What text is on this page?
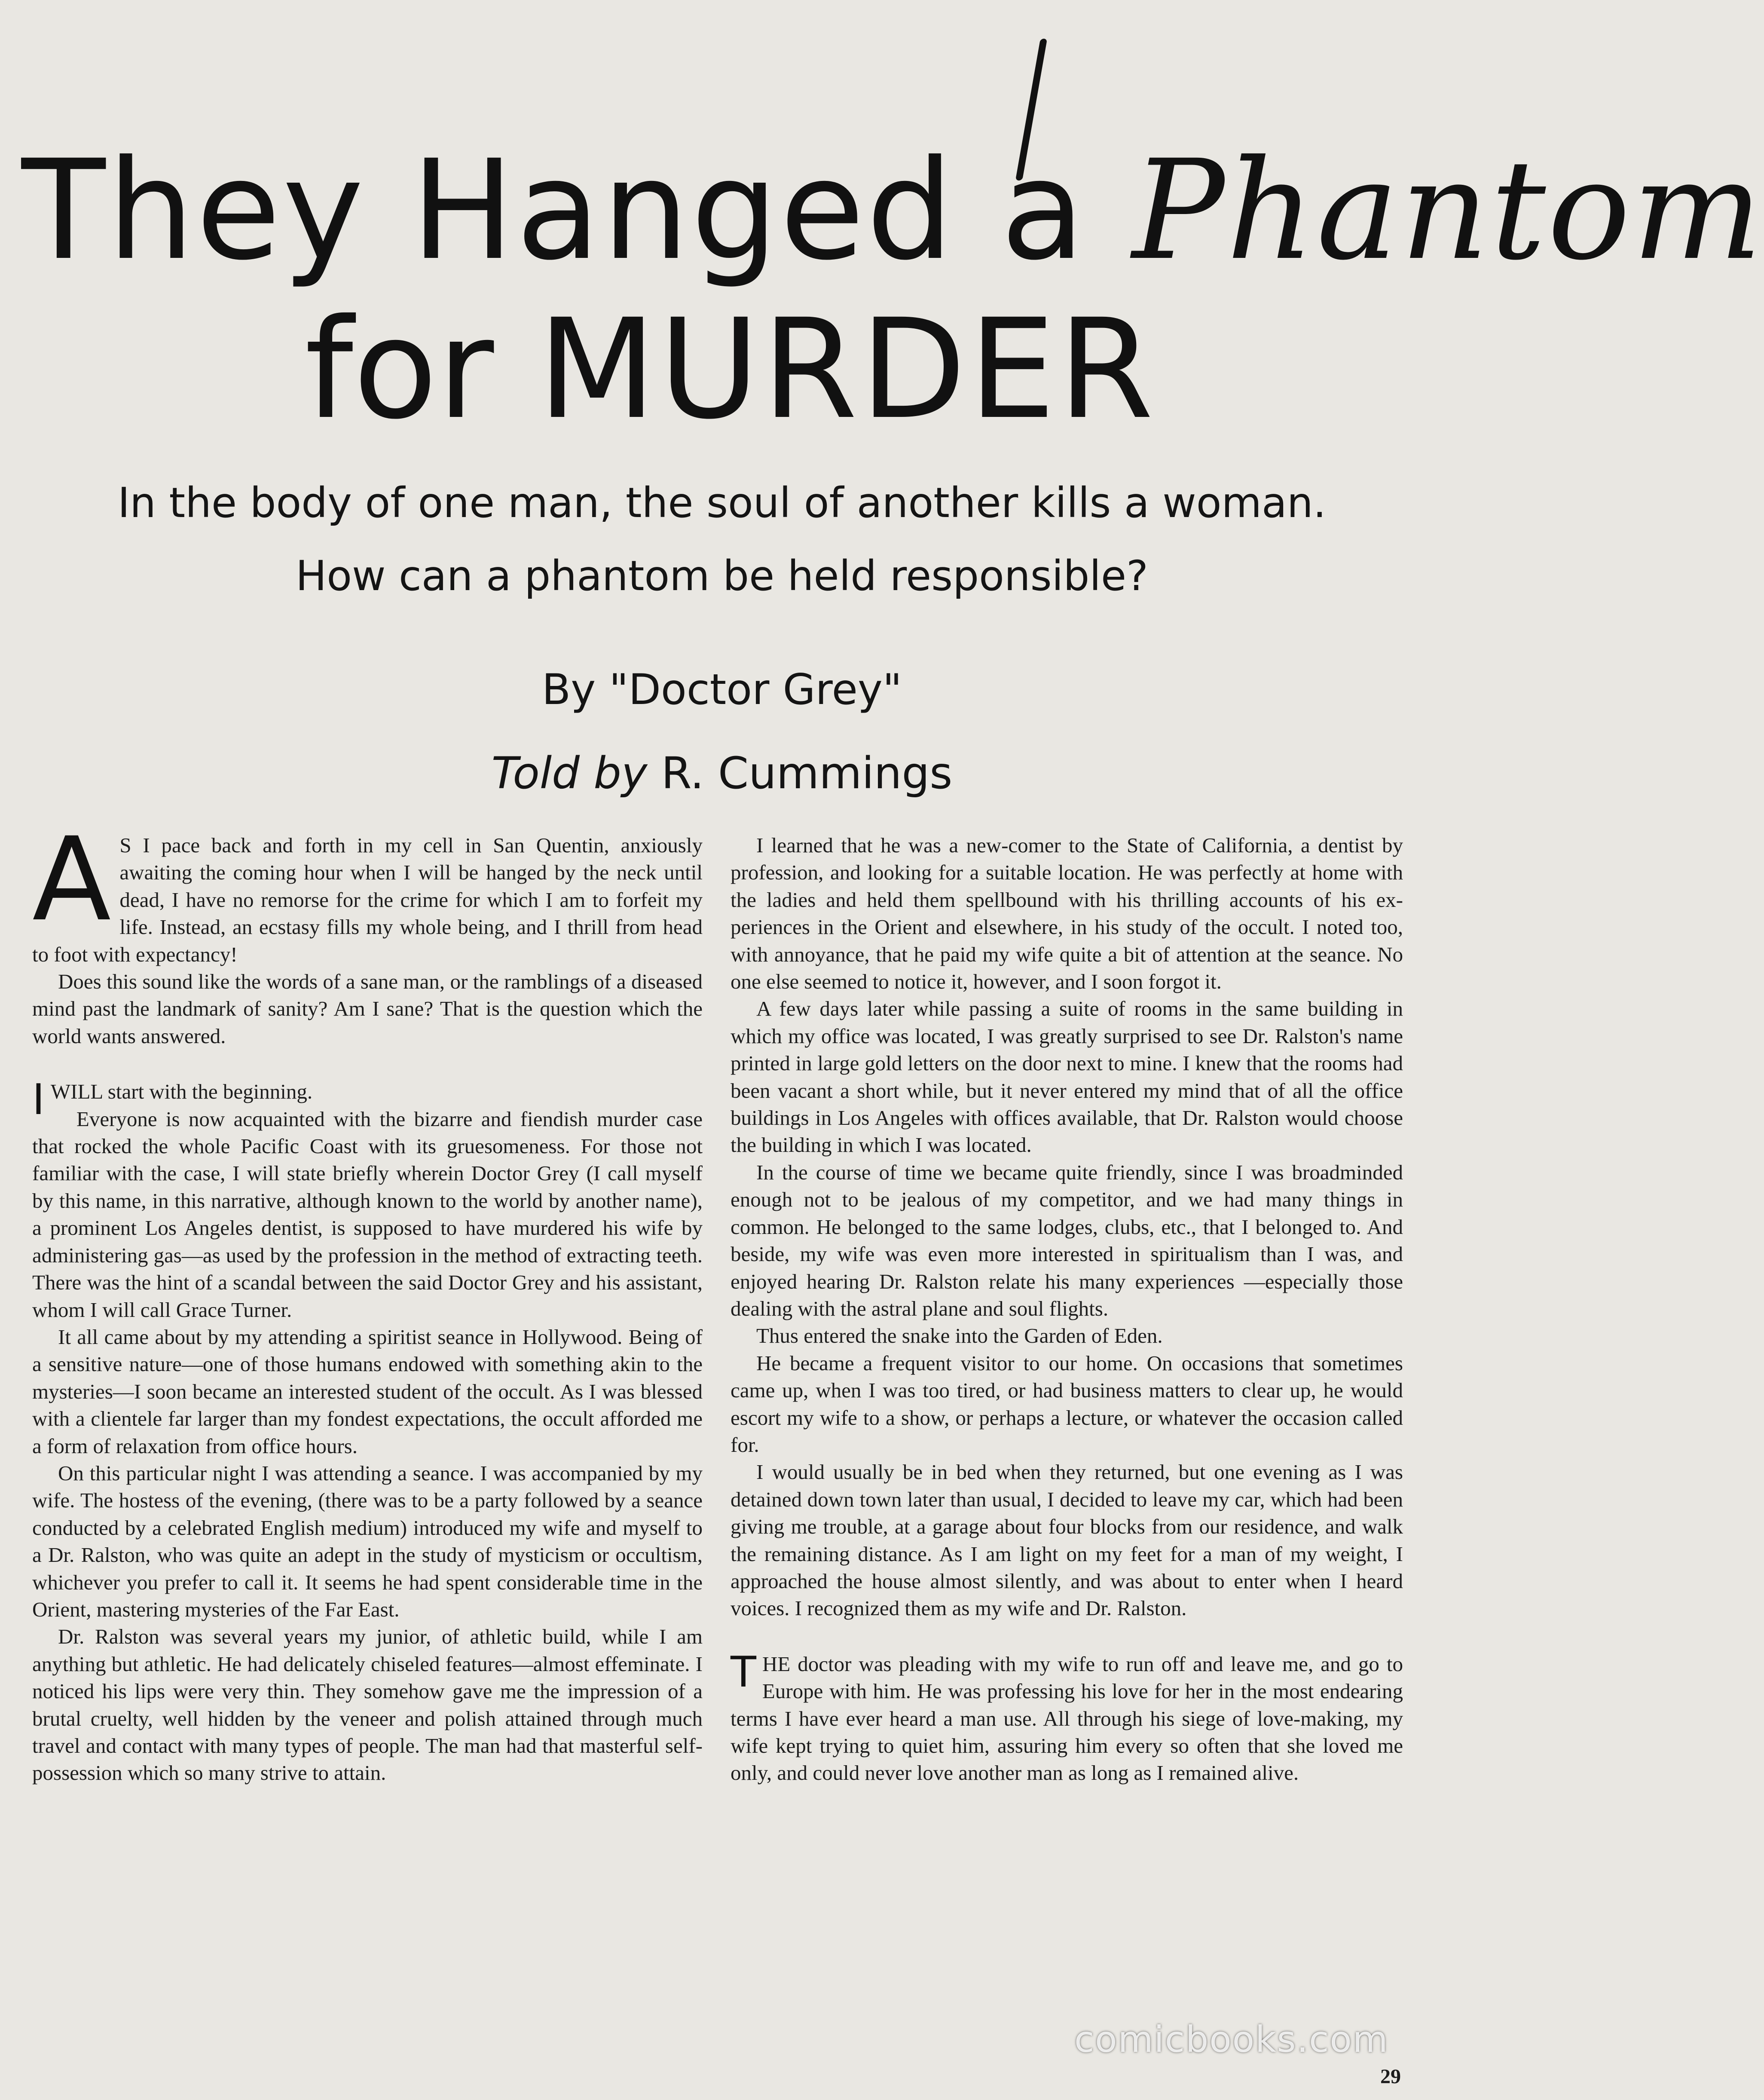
They Hanged a Phantom
for MURDER
In the body of one man, the soul of another kills a woman.
How can a phantom be held responsible?
By "Doctor Grey"
Told by R. Cummings

A S I pace back and forth in my cell in San Quentin, anxiously awaiting the coming hour when I will be hanged by the neck until dead, I have no remorse for the crime for which I am to forfeit my life. Instead, an ecstasy fills my whole being, and I thrill from head to foot with expectancy!

Does this sound like the words of a sane man, or the ramblings of a diseased mind past the landmark of sanity? Am I sane? That is the question which the world wants answered.

IWILL start with the beginning.

Everyone is now acquainted with the bizarre and fiendish murder case that rocked the whole Pacific Coast with its gruesomeness. For those not familiar with the case, I will state briefly wherein Doctor Grey (I call myself by this name, in this narrative, although known to the world by another name), a prominent Los Angeles dentist, is supposed to have murdered his wife by administering gas—as used by the profession in the method of extracting teeth. There was the hint of a scandal between the said Doctor Grey and his assistant, whom I will call Grace Turner.

It all came about by my attending a spiritist seance in Hollywood. Being of a sensitive nature—one of those humans endowed with something akin to the mysteries—I soon became an interested student of the occult. As I was blessed with a clientele far larger than my fondest expectations, the occult afforded me a form of relaxation from office hours.

On this particular night I was attending a seance. I was accompanied by my wife. The hostess of the evening, (there was to be a party followed by a seance conducted by a celebrated English medium) introduced my wife and myself to a Dr. Ralston, who was quite an adept in the study of mysticism or occultism, whichever you prefer to call it. It seems he had spent considerable time in the Orient, mastering mysteries of the Far East.

Dr. Ralston was several years my junior, of athletic build, while I am anything but athletic. He had delicately chiseled features—almost effeminate. I noticed his lips were very thin. They somehow gave me the impression of a brutal cruelty, well hidden by the veneer and polish attained through much travel and contact with many types of people. The man had that masterful self-possession which so many strive to attain.

I learned that he was a new-comer to the State of California, a dentist by profession, and looking for a suitable location. He was perfectly at home with the ladies and held them spellbound with his thrilling accounts of his experiences in the Orient and elsewhere, in his study of the occult. I noted too, with annoyance, that he paid my wife quite a bit of attention at the seance. No one else seemed to notice it, however, and I soon forgot it.

A few days later while passing a suite of rooms in the same building in which my office was located, I was greatly surprised to see Dr. Ralston's name printed in large gold letters on the door next to mine. I knew that the rooms had been vacant a short while, but it never entered my mind that of all the office buildings in Los Angeles with offices available, that Dr. Ralston would choose the building in which I was located.

In the course of time we became quite friendly, since I was broadminded enough not to be jealous of my competitor, and we had many things in common. He belonged to the same lodges, clubs, etc., that I belonged to. And beside, my wife was even more interested in spiritualism than I was, and enjoyed hearing Dr. Ralston relate his many experiences —especially those dealing with the astral plane and soul flights.

Thus entered the snake into the Garden of Eden.

He became a frequent visitor to our home. On occasions that sometimes came up, when I was too tired, or had business matters to clear up, he would escort my wife to a show, or perhaps a lecture, or whatever the occasion called for.

I would usually be in bed when they returned, but one evening as I was detained down town later than usual, I decided to leave my car, which had been giving me trouble, at a garage about four blocks from our residence, and walk the remaining distance. As I am light on my feet for a man of my weight, I approached the house almost silently, and was about to enter when I heard voices. I recognized them as my wife and Dr. Ralston.

THE doctor was pleading with my wife to run off and leave me, and go to Europe with him. He was professing his love for her in the most endearing terms I have ever heard a man use. All through his siege of love-making, my wife kept trying to quiet him, assuring him every so often that she loved me only, and could never love another man as long as I remained alive.

comicbooks.com
29
